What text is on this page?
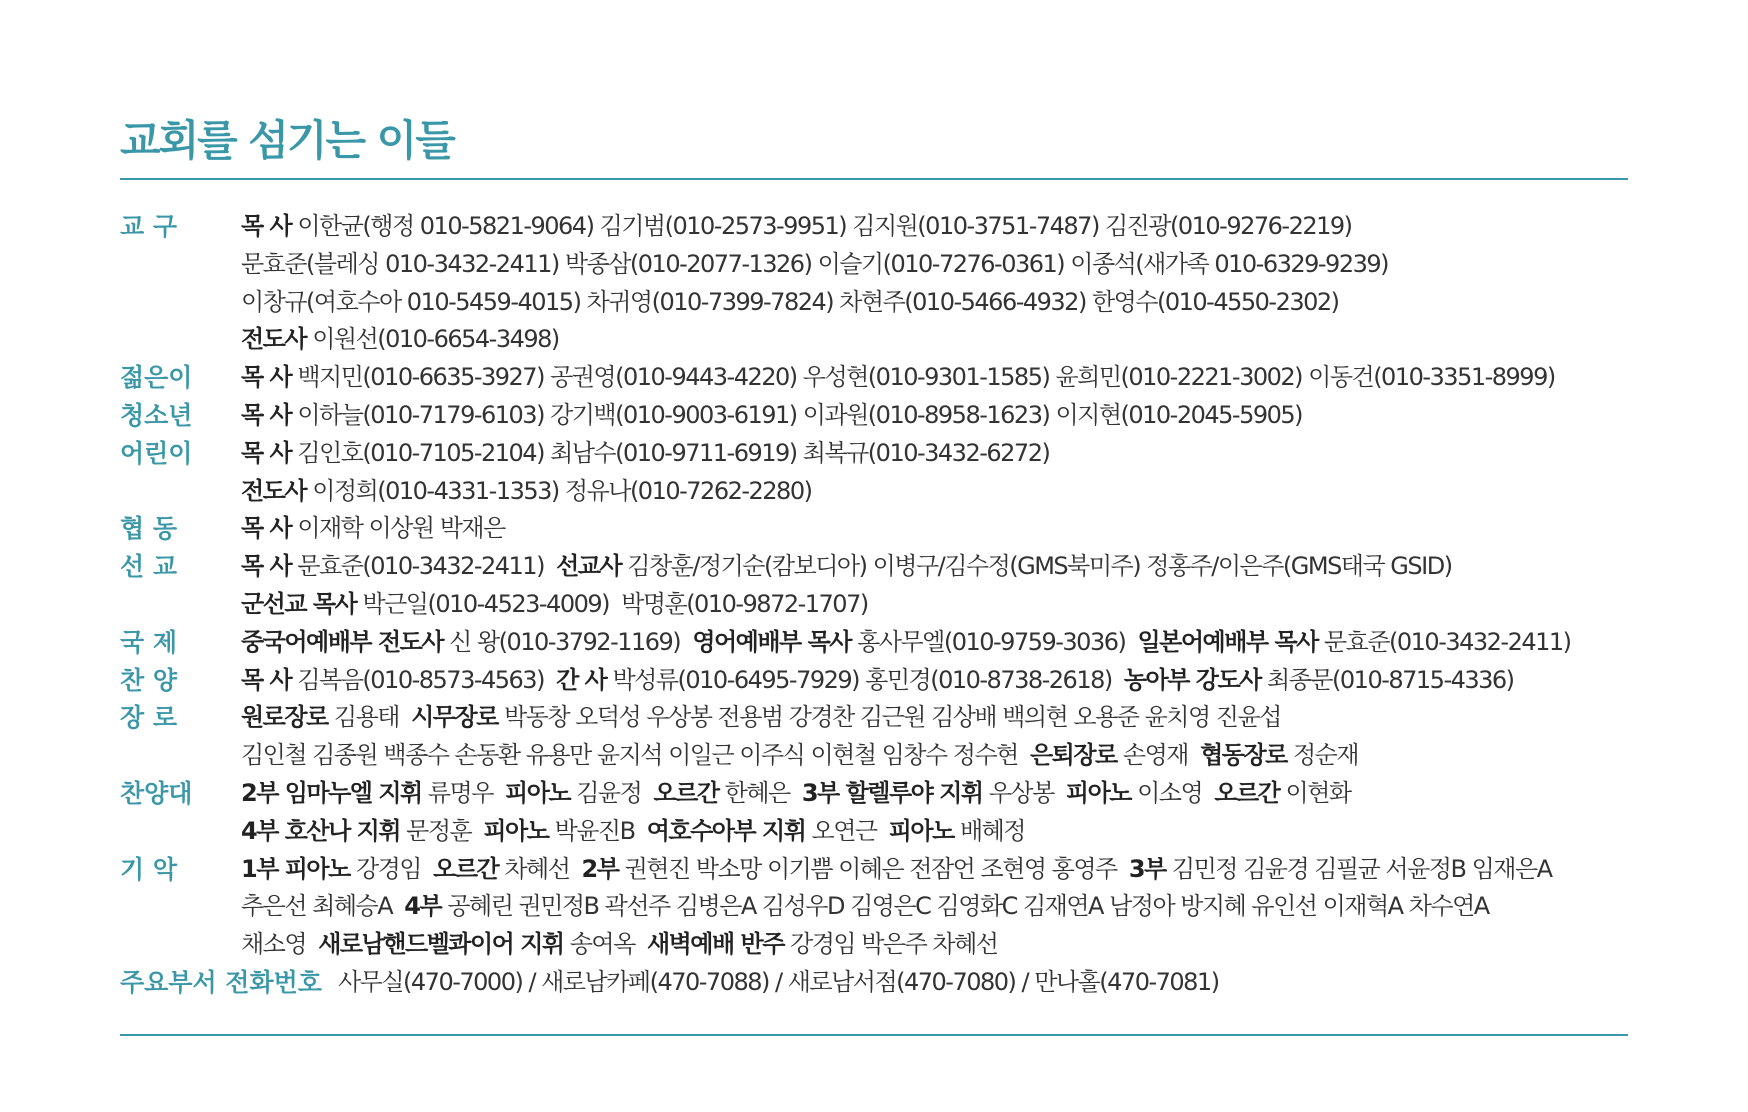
교회를 섬기는 이들
교 구	목 사 이한균(행정 010-5821-9064) 김기범(010-2573-9951) 김지원(010-3751-7487) 김진광(010-9276-2219)
문효준(블레싱 010-3432-2411) 박종삼(010-2077-1326) 이슬기(010-7276-0361) 이종석(새가족 010-6329-9239)
이창규(여호수아 010-5459-4015) 차귀영(010-7399-7824) 차현주(010-5466-4932) 한영수(010-4550-2302)
전도사 이원선(010-6654-3498)
젊은이	목 사 백지민(010-6635-3927) 공권영(010-9443-4220) 우성현(010-9301-1585) 윤희민(010-2221-3002) 이동건(010-3351-8999)
청소년	목 사 이하늘(010-7179-6103) 강기백(010-9003-6191) 이과원(010-8958-1623) 이지현(010-2045-5905)
어린이	목 사 김인호(010-7105-2104) 최남수(010-9711-6919) 최복규(010-3432-6272)
전도사 이정희(010-4331-1353) 정유나(010-7262-2280)
협 동	목 사 이재학 이상원 박재은
선 교	목 사 문효준(010-3432-2411) 선교사 김창훈/정기순(캄보디아) 이병구/김수정(GMS북미주) 정홍주/이은주(GMS태국 GSID)
군선교 목사 박근일(010-4523-4009) 박명훈(010-9872-1707)
국 제	중국어예배부 전도사 신 왕(010-3792-1169) 영어예배부 목사 홍사무엘(010-9759-3036) 일본어예배부 목사 문효준(010-3432-2411)
찬 양	목 사 김복음(010-8573-4563) 간 사 박성류(010-6495-7929) 홍민경(010-8738-2618) 농아부 강도사 최종문(010-8715-4336)
장 로	원로장로 김용태 시무장로 박동창 오덕성 우상봉 전용범 강경찬 김근원 김상배 백의현 오용준 윤치영 진윤섭
김인철 김종원 백종수 손동환 유용만 윤지석 이일근 이주식 이현철 임창수 정수현 은퇴장로 손영재 협동장로 정순재
찬양대	2부 임마누엘 지휘 류명우 피아노 김윤정 오르간 한혜은 3부 할렐루야 지휘 우상봉 피아노 이소영 오르간 이현화
4부 호산나 지휘 문정훈 피아노 박윤진B 여호수아부 지휘 오연근 피아노 배혜정
기 악	1부 피아노 강경임 오르간 차혜선 2부 권현진 박소망 이기쁨 이혜은 전잠언 조현영 홍영주 3부 김민정 김윤경 김필균 서윤정B 임재은A
추은선 최혜승A 4부 공혜린 권민정B 곽선주 김병은A 김성우D 김영은C 김영화C 김재연A 남정아 방지혜 유인선 이재혁A 차수연A
채소영 새로남핸드벨콰이어 지휘 송여옥 새벽예배 반주 강경임 박은주 차혜선
주요부서 전화번호 사무실(470-7000) / 새로남카페(470-7088) / 새로남서점(470-7080) / 만나홀(470-7081)
